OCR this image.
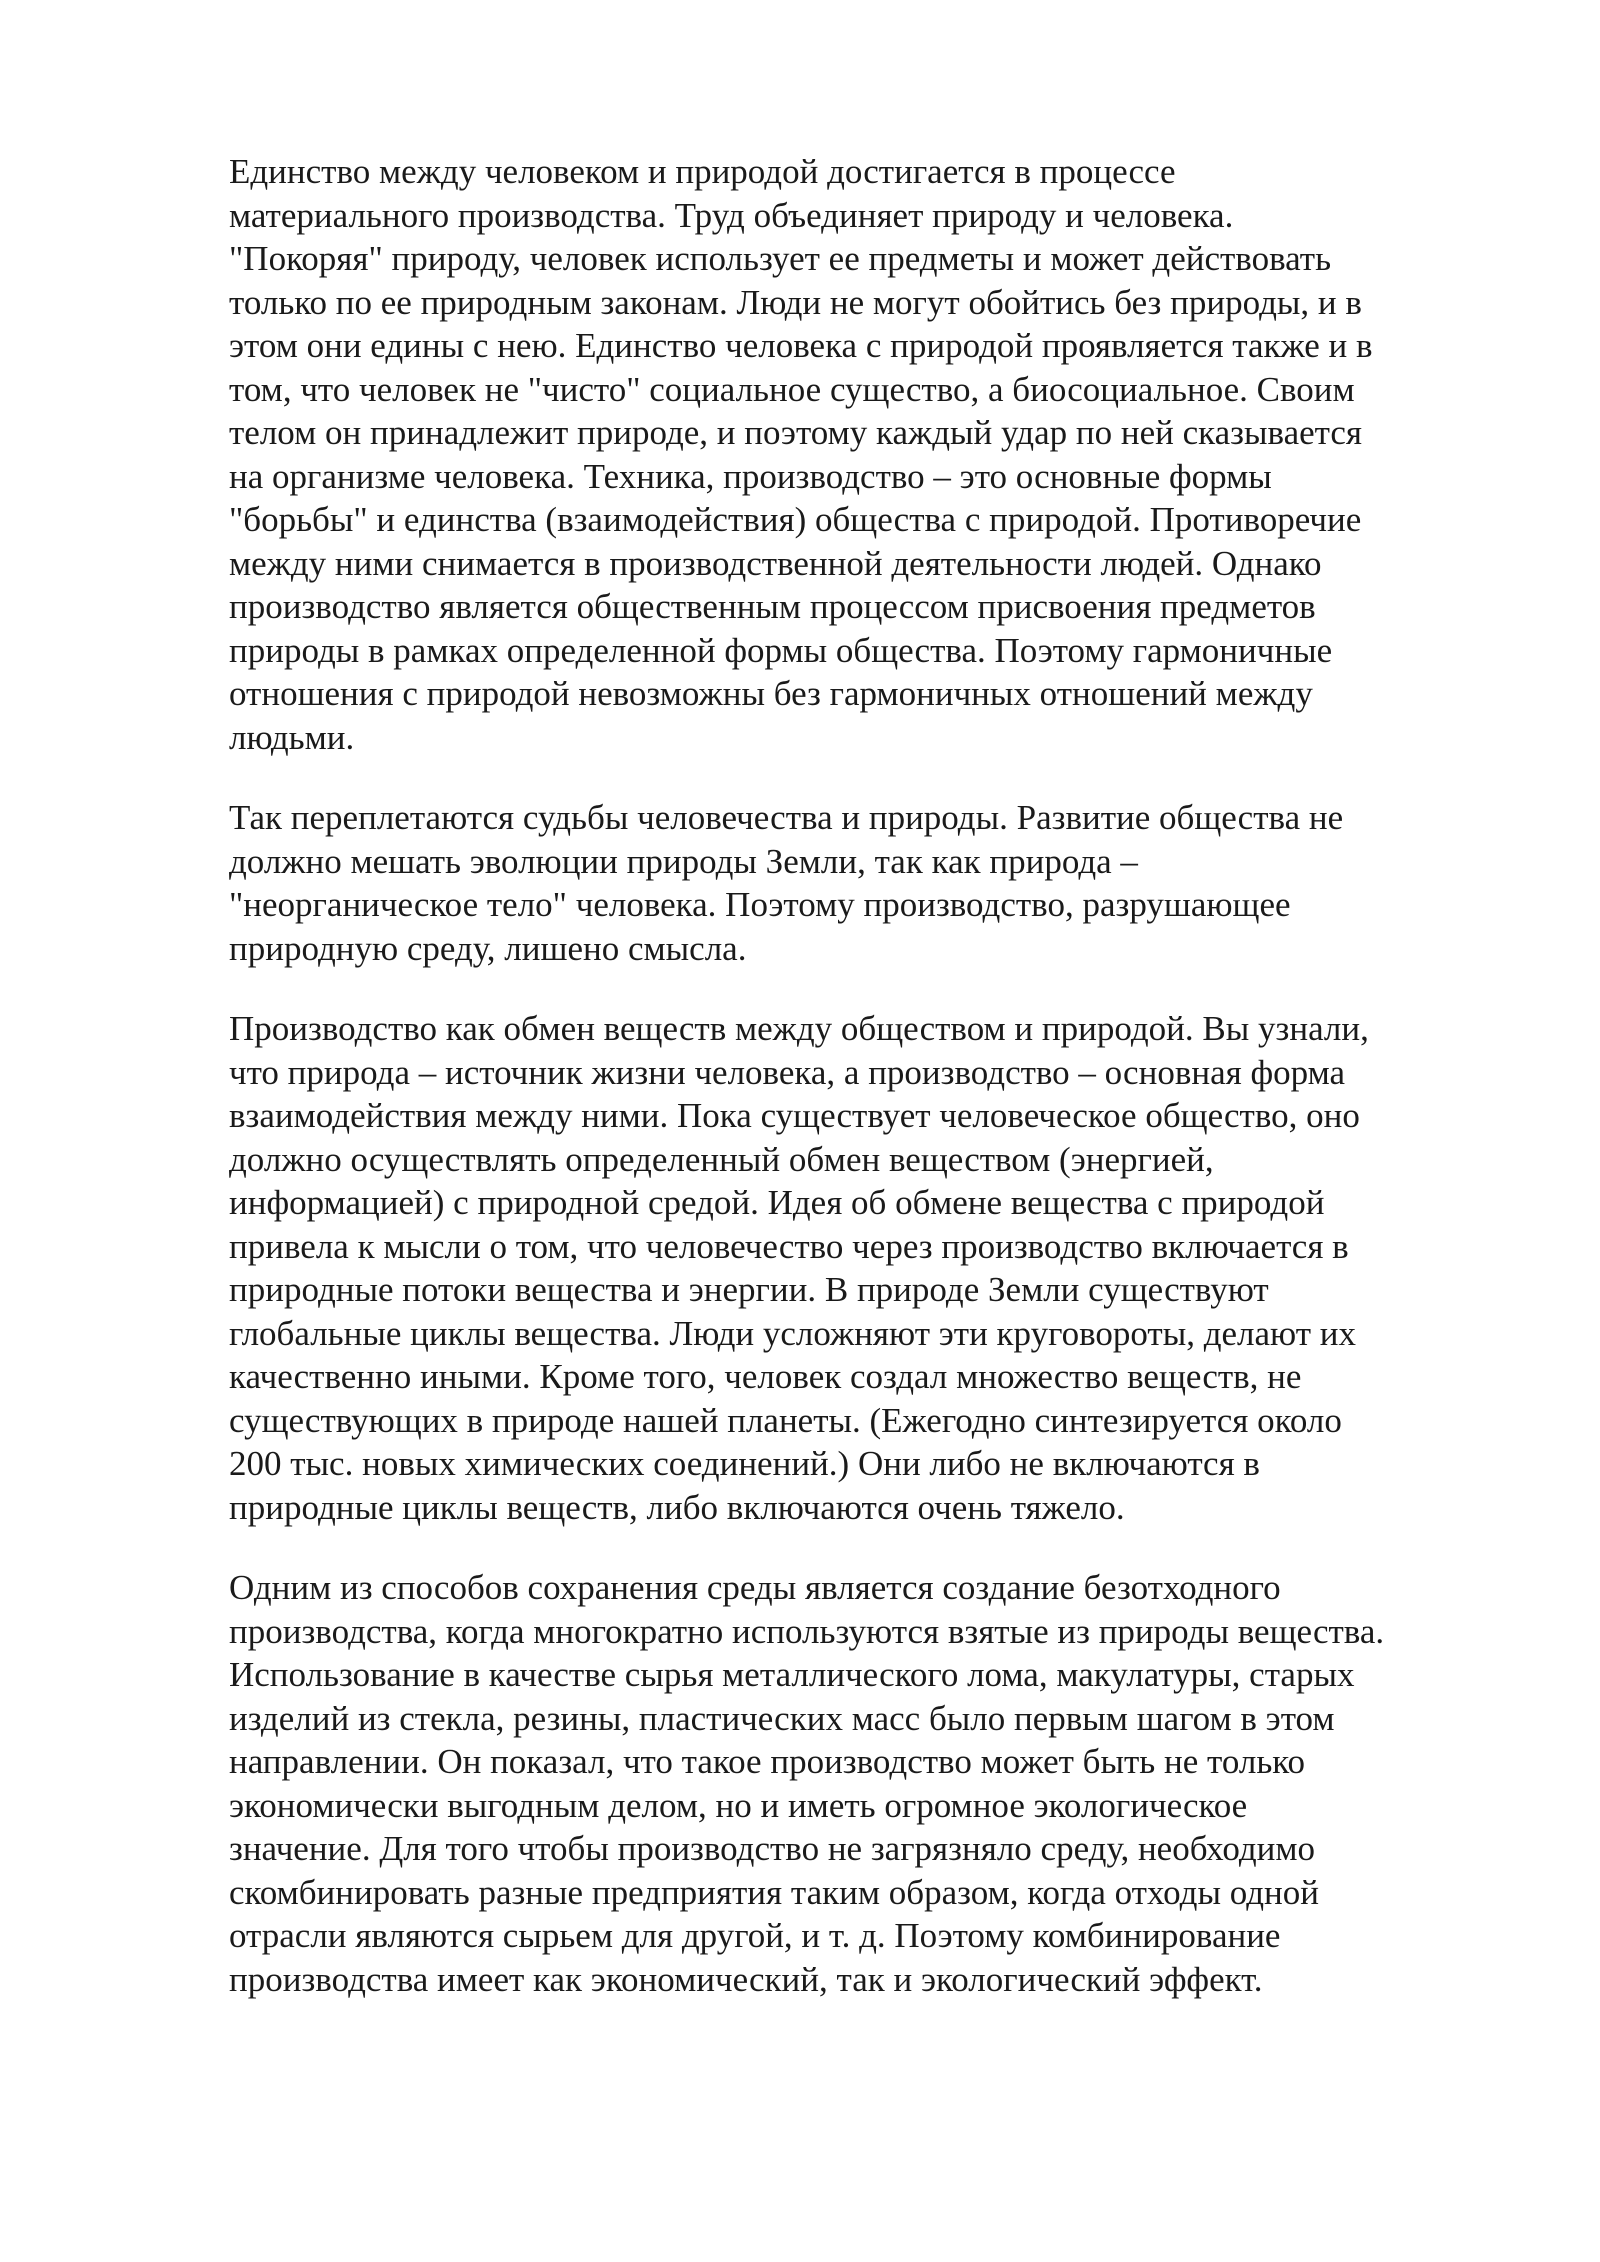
Единство между человеком и природой достигается в процессе
материального производства. Труд объединяет природу и человека.
"Покоряя" природу, человек использует ее предметы и может действовать
только по ее природным законам. Люди не могут обойтись без природы, и в
этом они едины с нею. Единство человека с природой проявляется также и в
том, что человек не "чисто" социальное существо, а биосоциальное. Своим
телом он принадлежит природе, и поэтому каждый удар по ней сказывается
на организме человека. Техника, производство – это основные формы
"борьбы" и единства (взаимодействия) общества с природой. Противоречие
между ними снимается в производственной деятельности людей. Однако
производство является общественным процессом присвоения предметов
природы в рамках определенной формы общества. Поэтому гармоничные
отношения с природой невозможны без гармоничных отношений между
людьми.

Так переплетаются судьбы человечества и природы. Развитие общества не
должно мешать эволюции природы Земли, так как природа –
"неорганическое тело" человека. Поэтому производство, разрушающее
природную среду, лишено смысла.

Производство как обмен веществ между обществом и природой. Вы узнали,
что природа – источник жизни человека, а производство – основная форма
взаимодействия между ними. Пока существует человеческое общество, оно
должно осуществлять определенный обмен веществом (энергией,
информацией) с природной средой. Идея об обмене вещества с природой
привела к мысли о том, что человечество через производство включается в
природные потоки вещества и энергии. В природе Земли существуют
глобальные циклы вещества. Люди усложняют эти круговороты, делают их
качественно иными. Кроме того, человек создал множество веществ, не
существующих в природе нашей планеты. (Ежегодно синтезируется около
200 тыс. новых химических соединений.) Они либо не включаются в
природные циклы веществ, либо включаются очень тяжело.

Одним из способов сохранения среды является создание безотходного
производства, когда многократно используются взятые из природы вещества.
Использование в качестве сырья металлического лома, макулатуры, старых
изделий из стекла, резины, пластических масс было первым шагом в этом
направлении. Он показал, что такое производство может быть не только
экономически выгодным делом, но и иметь огромное экологическое
значение. Для того чтобы производство не загрязняло среду, необходимо
скомбинировать разные предприятия таким образом, когда отходы одной
отрасли являются сырьем для другой, и т. д. Поэтому комбинирование
производства имеет как экономический, так и экологический эффект.
